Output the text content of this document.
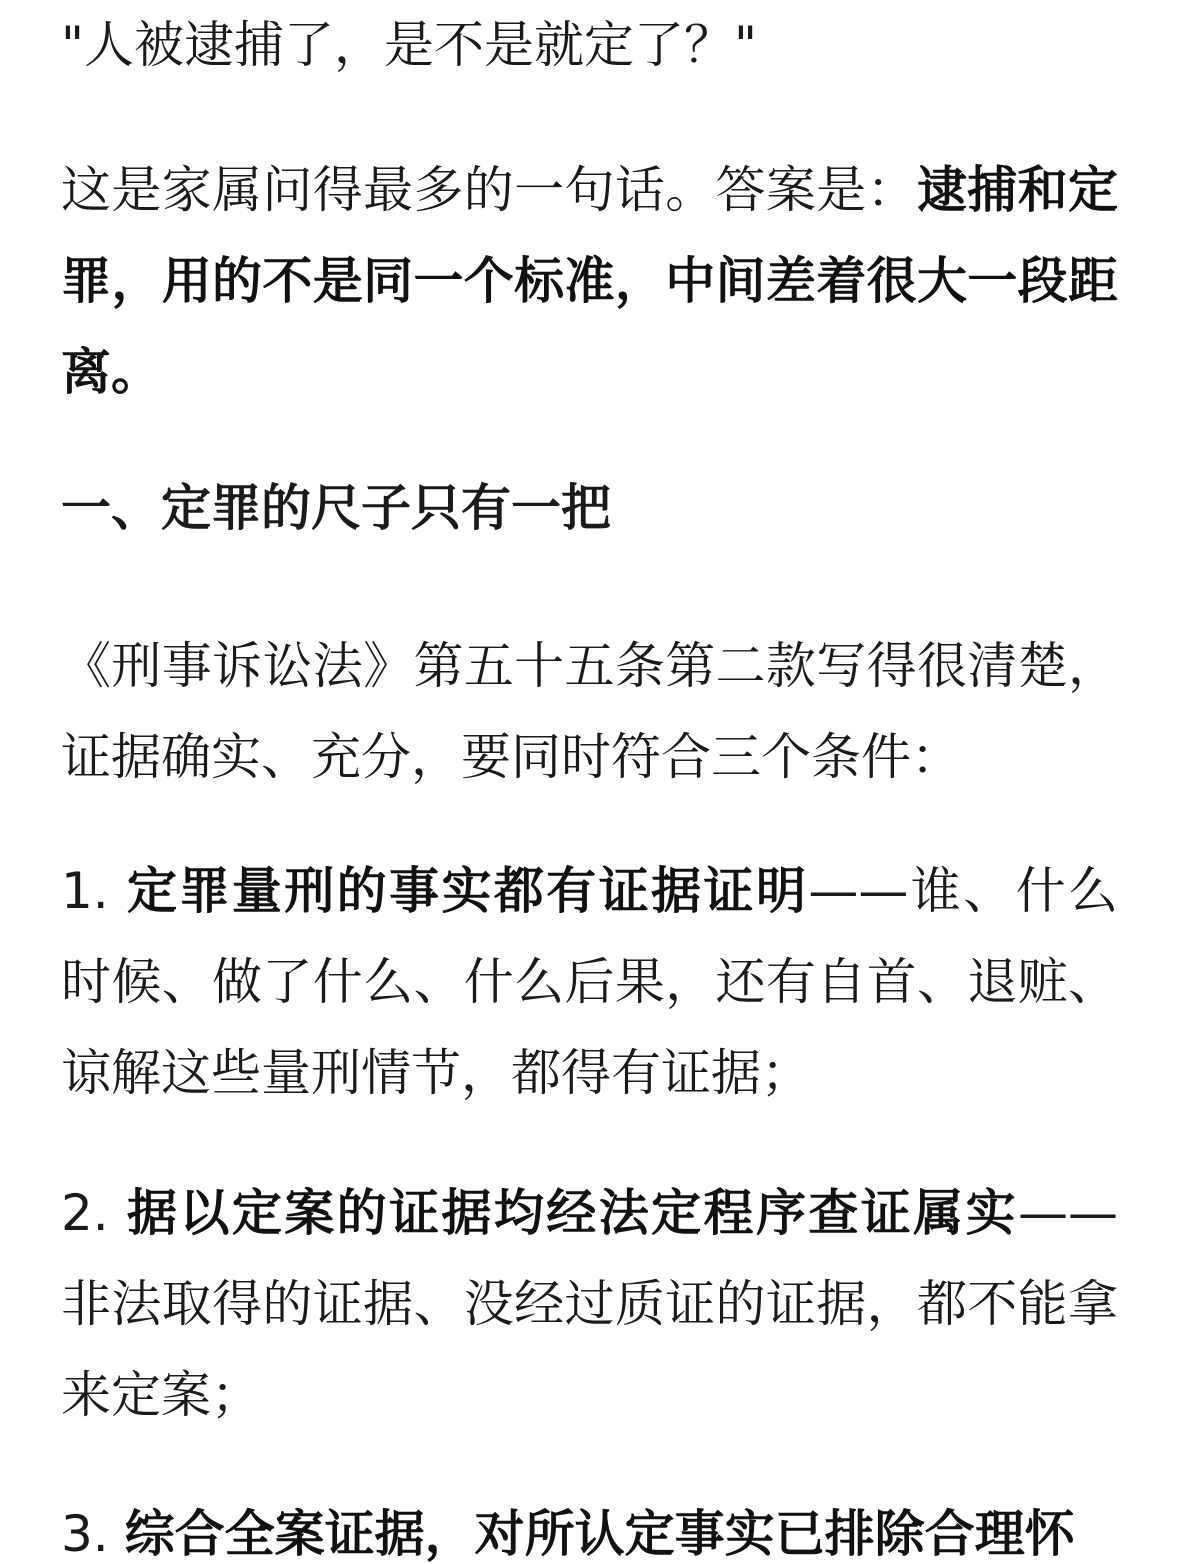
"人被逮捕了，是不是就定了？"

这是家属问得最多的一句话。答案是：逮捕和定罪，用的不是同一个标准，中间差着很大一段距离。

一、定罪的尺子只有一把

《刑事诉讼法》第五十五条第二款写得很清楚，证据确实、充分，要同时符合三个条件：

1. 定罪量刑的事实都有证据证明——谁、什么时候、做了什么、什么后果，还有自首、退赃、谅解这些量刑情节，都得有证据；

2. 据以定案的证据均经法定程序查证属实——非法取得的证据、没经过质证的证据，都不能拿来定案；

3. 综合全案证据，对所认定事实已排除合理怀
